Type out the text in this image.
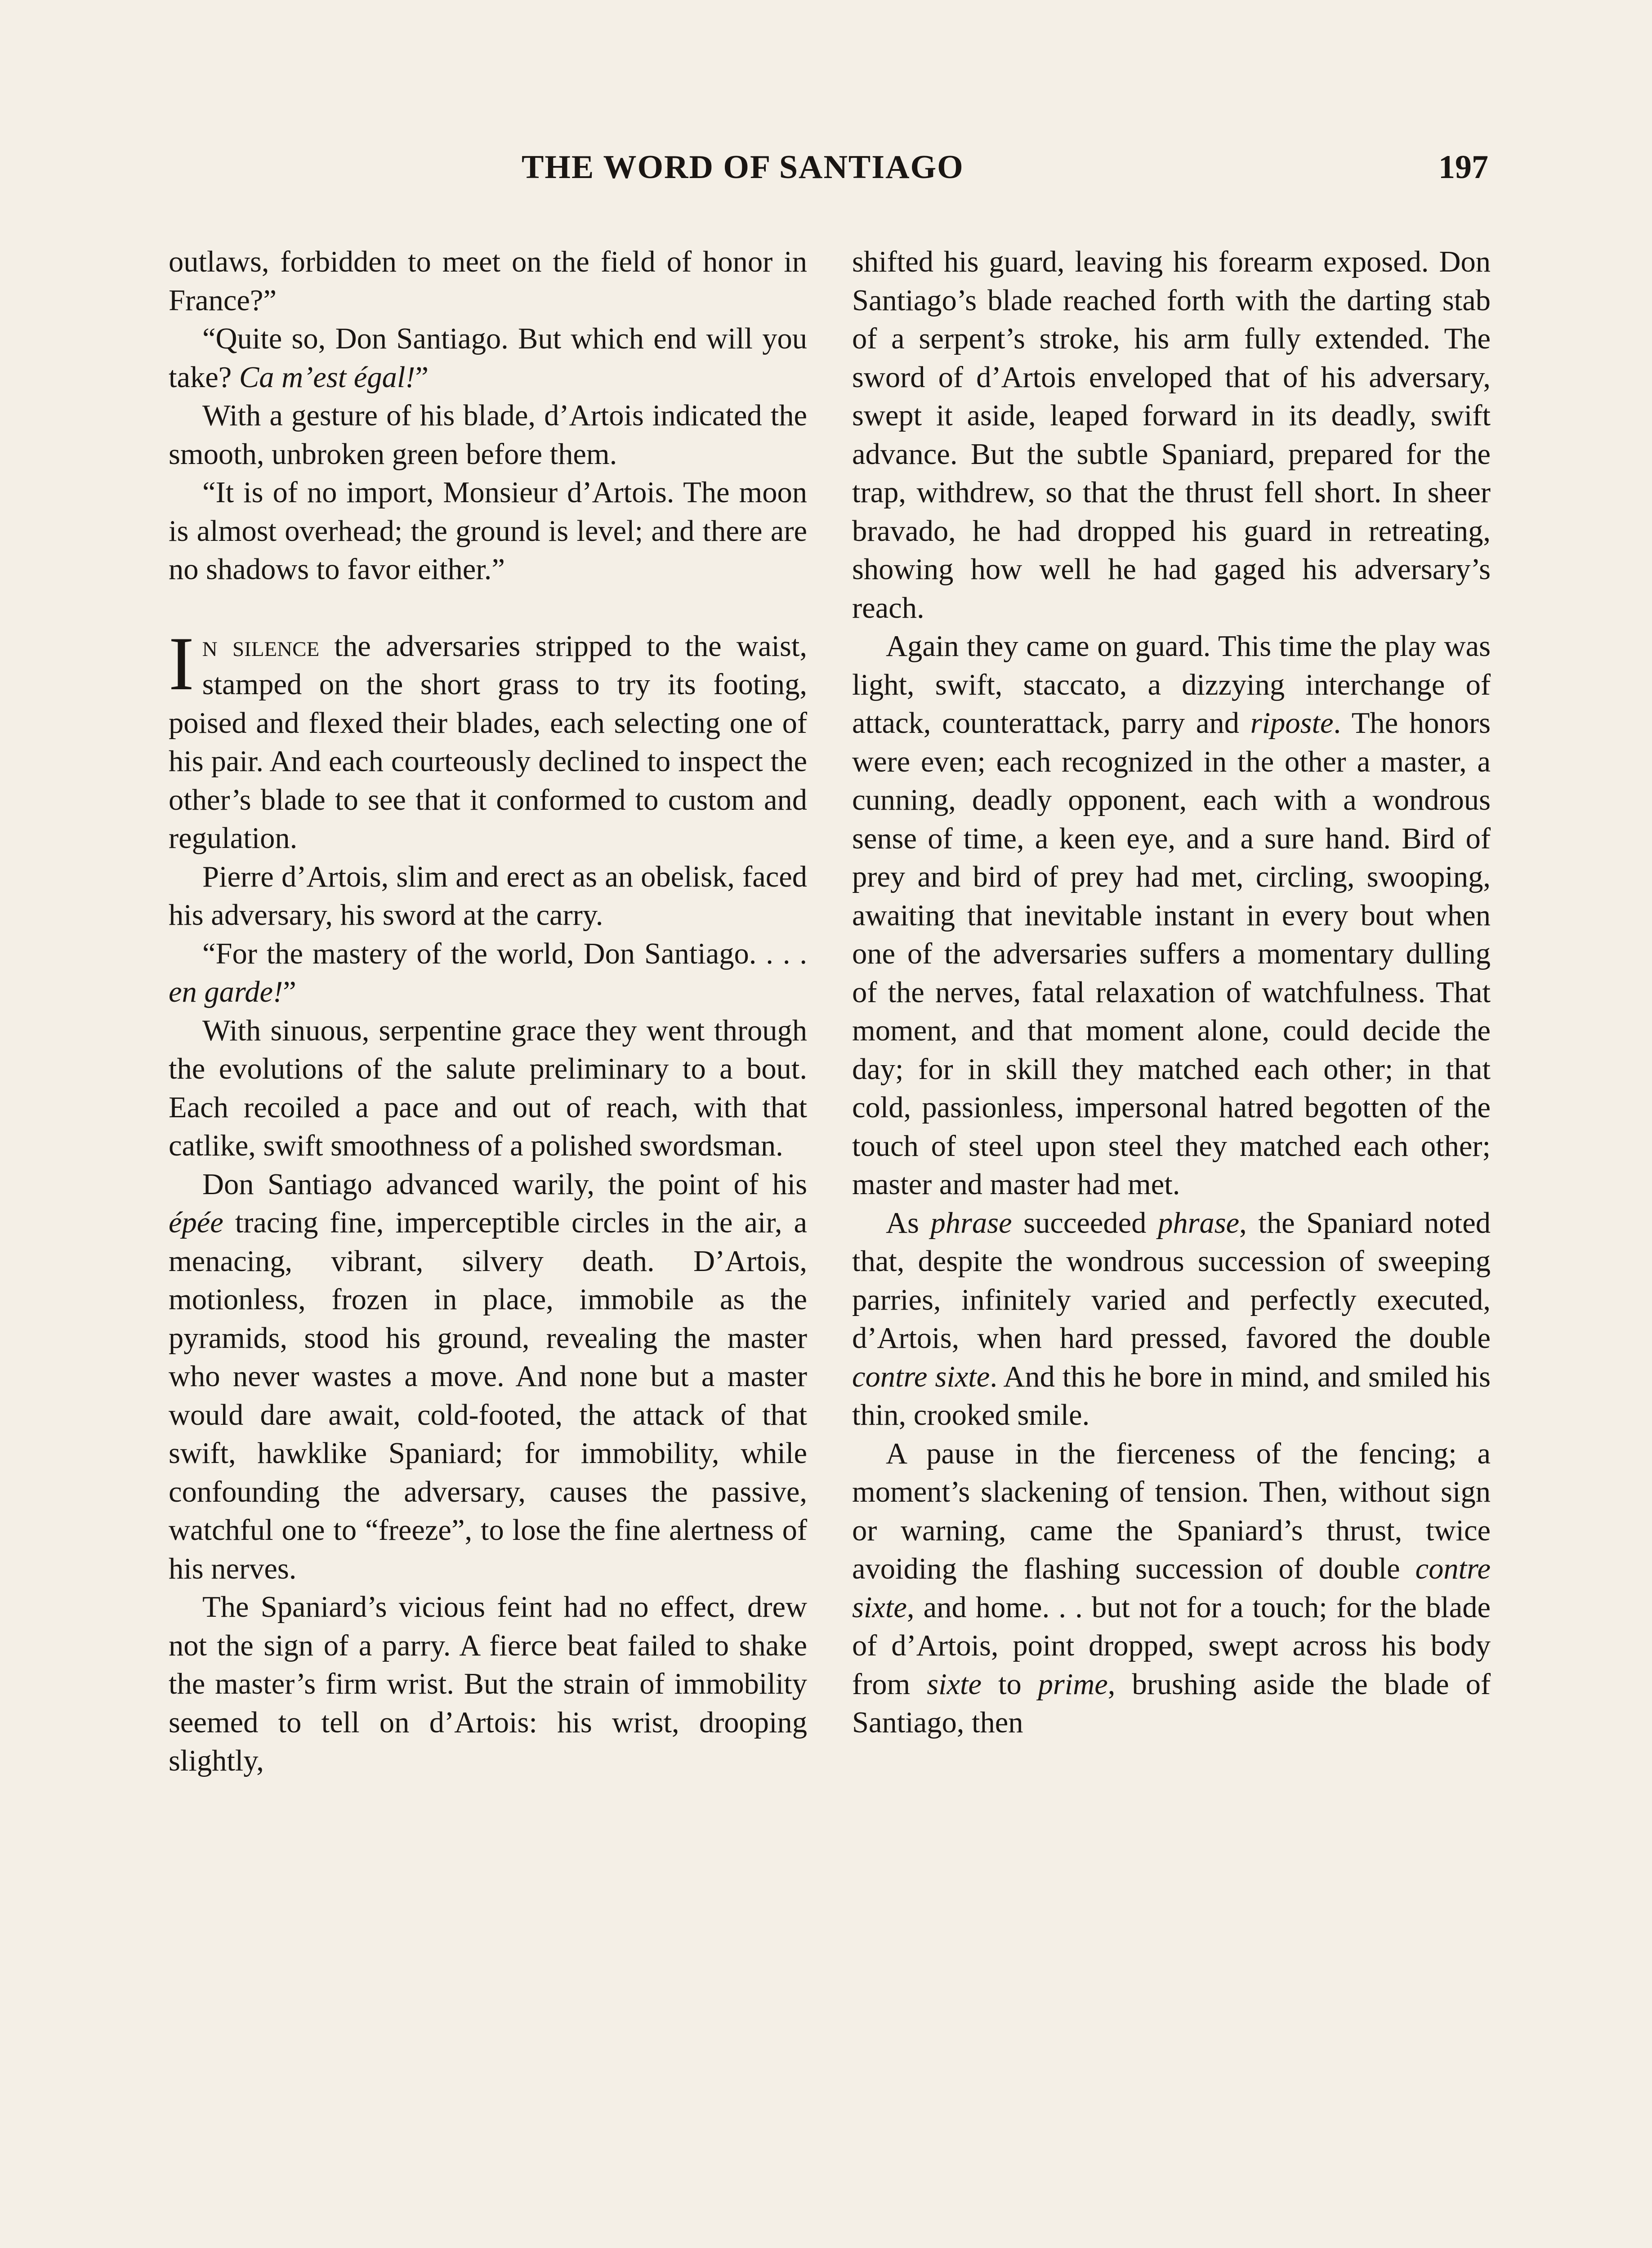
THE WORD OF SANTIAGO	197

outlaws, forbidden to meet on the field of honor in France?”

“Quite so, Don Santiago. But which end will you take? Ca m’est égal!”

With a gesture of his blade, d’Artois indicated the smooth, unbroken green before them.

“It is of no import, Monsieur d’Artois. The moon is almost overhead; the ground is level; and there are no shadows to favor either.”

In silence the adversaries stripped to the waist, stamped on the short grass to try its footing, poised and flexed their blades, each selecting one of his pair. And each courteously declined to inspect the other’s blade to see that it conformed to custom and regulation.

Pierre d’Artois, slim and erect as an obelisk, faced his adversary, his sword at the carry.

“For the mastery of the world, Don Santiago. . . . en garde!”

With sinuous, serpentine grace they went through the evolutions of the salute preliminary to a bout. Each recoiled a pace and out of reach, with that catlike, swift smoothness of a polished swordsman.

Don Santiago advanced warily, the point of his épée tracing fine, imperceptible circles in the air, a menacing, vibrant, silvery death. D’Artois, motionless, frozen in place, immobile as the pyramids, stood his ground, revealing the master who never wastes a move. And none but a master would dare await, cold-footed, the attack of that swift, hawklike Spaniard; for immobility, while confounding the adversary, causes the passive, watchful one to “freeze”, to lose the fine alertness of his nerves.

The Spaniard’s vicious feint had no effect, drew not the sign of a parry. A fierce beat failed to shake the master’s firm wrist. But the strain of immobility seemed to tell on d’Artois: his wrist, drooping slightly,

shifted his guard, leaving his forearm exposed. Don Santiago’s blade reached forth with the darting stab of a serpent’s stroke, his arm fully extended. The sword of d’Artois enveloped that of his adversary, swept it aside, leaped forward in its deadly, swift advance. But the subtle Spaniard, prepared for the trap, withdrew, so that the thrust fell short. In sheer bravado, he had dropped his guard in retreating, showing how well he had gaged his adversary’s reach.

Again they came on guard. This time the play was light, swift, staccato, a dizzying interchange of attack, counterattack, parry and riposte. The honors were even; each recognized in the other a master, a cunning, deadly opponent, each with a wondrous sense of time, a keen eye, and a sure hand. Bird of prey and bird of prey had met, circling, swooping, awaiting that inevitable instant in every bout when one of the adversaries suffers a momentary dulling of the nerves, fatal relaxation of watchfulness. That moment, and that moment alone, could decide the day; for in skill they matched each other; in that cold, passionless, impersonal hatred begotten of the touch of steel upon steel they matched each other; master and master had met.

As phrase succeeded phrase, the Spaniard noted that, despite the wondrous succession of sweeping parries, infinitely varied and perfectly executed, d’Artois, when hard pressed, favored the double contre sixte. And this he bore in mind, and smiled his thin, crooked smile.

A pause in the fierceness of the fencing; a moment’s slackening of tension. Then, without sign or warning, came the Spaniard’s thrust, twice avoiding the flashing succession of double contre sixte, and home. . . but not for a touch; for the blade of d’Artois, point dropped, swept across his body from sixte to prime, brushing aside the blade of Santiago, then
